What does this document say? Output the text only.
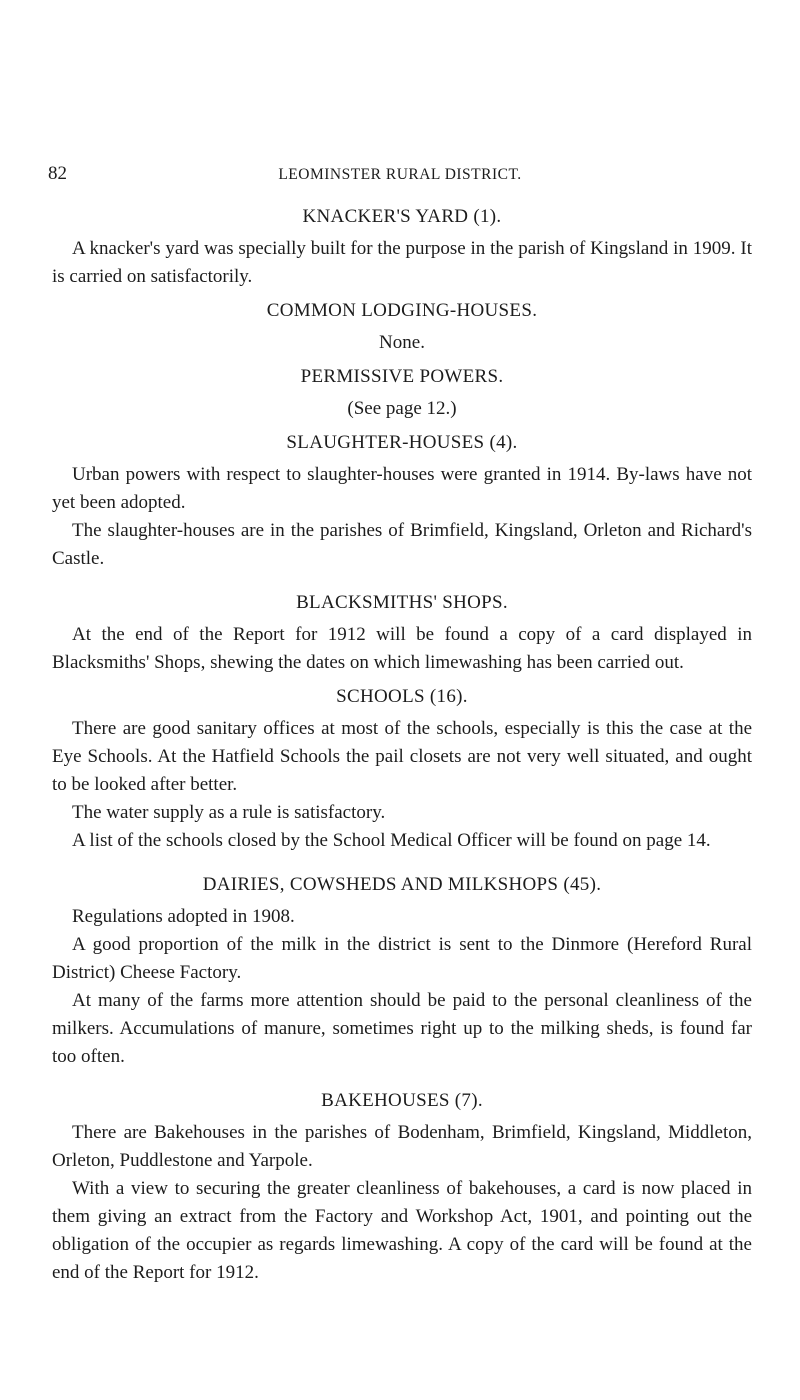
82	LEOMINSTER RURAL DISTRICT.
KNACKER'S YARD (1).

A knacker's yard was specially built for the purpose in the parish of Kingsland in 1909. It is carried on satisfactorily.

COMMON LODGING-HOUSES.
None.
PERMISSIVE POWERS.
(See page 12.)
SLAUGHTER-HOUSES (4).

Urban powers with respect to slaughter-houses were granted in 1914. By-laws have not yet been adopted.

The slaughter-houses are in the parishes of Brimfield, Kingsland, Orleton and Richard's Castle.

BLACKSMITHS' SHOPS.

At the end of the Report for 1912 will be found a copy of a card displayed in Blacksmiths' Shops, shewing the dates on which limewashing has been carried out.

SCHOOLS (16).

There are good sanitary offices at most of the schools, especially is this the case at the Eye Schools. At the Hatfield Schools the pail closets are not very well situated, and ought to be looked after better.

The water supply as a rule is satisfactory.

A list of the schools closed by the School Medical Officer will be found on page 14.

DAIRIES, COWSHEDS AND MILKSHOPS (45).

Regulations adopted in 1908.

A good proportion of the milk in the district is sent to the Dinmore (Hereford Rural District) Cheese Factory.

At many of the farms more attention should be paid to the personal cleanliness of the milkers. Accumulations of manure, sometimes right up to the milking sheds, is found far too often.

BAKEHOUSES (7).

There are Bakehouses in the parishes of Bodenham, Brimfield, Kingsland, Middleton, Orleton, Puddlestone and Yarpole.

With a view to securing the greater cleanliness of bakehouses, a card is now placed in them giving an extract from the Factory and Workshop Act, 1901, and pointing out the obligation of the occupier as regards limewashing. A copy of the card will be found at the end of the Report for 1912.
